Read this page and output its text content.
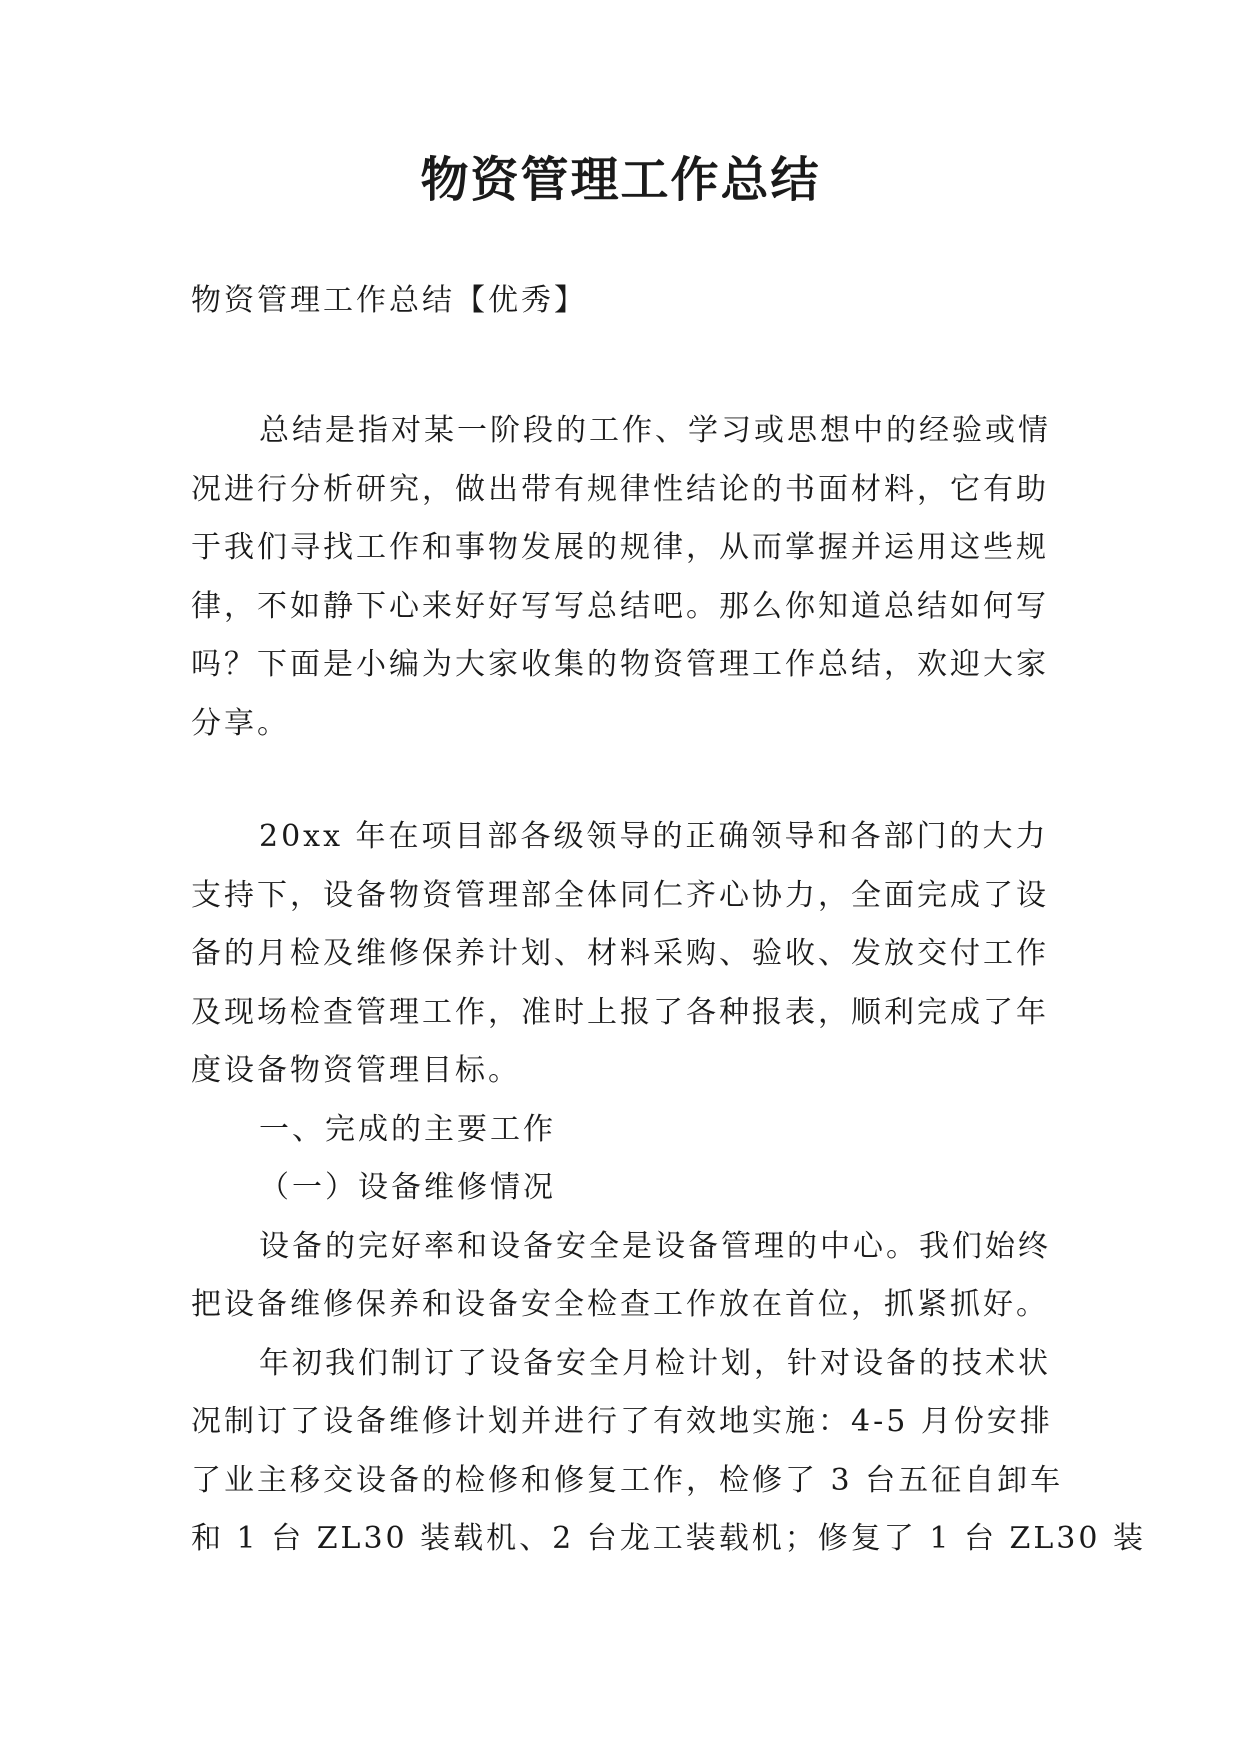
物资管理工作总结
物资管理工作总结【优秀】
总结是指对某一阶段的工作、学习或思想中的经验或情
况进行分析研究，做出带有规律性结论的书面材料，它有助
于我们寻找工作和事物发展的规律，从而掌握并运用这些规
律，不如静下心来好好写写总结吧。那么你知道总结如何写
吗？下面是小编为大家收集的物资管理工作总结，欢迎大家
分享。
20xx 年在项目部各级领导的正确领导和各部门的大力
支持下，设备物资管理部全体同仁齐心协力，全面完成了设
备的月检及维修保养计划、材料采购、验收、发放交付工作
及现场检查管理工作，准时上报了各种报表，顺利完成了年
度设备物资管理目标。
一、完成的主要工作
（一）设备维修情况
设备的完好率和设备安全是设备管理的中心。我们始终
把设备维修保养和设备安全检查工作放在首位，抓紧抓好。
年初我们制订了设备安全月检计划，针对设备的技术状
况制订了设备维修计划并进行了有效地实施：4-5 月份安排
了业主移交设备的检修和修复工作，检修了 3 台五征自卸车
和 1 台 ZL30 装载机、2 台龙工装载机；修复了 1 台 ZL30 装
